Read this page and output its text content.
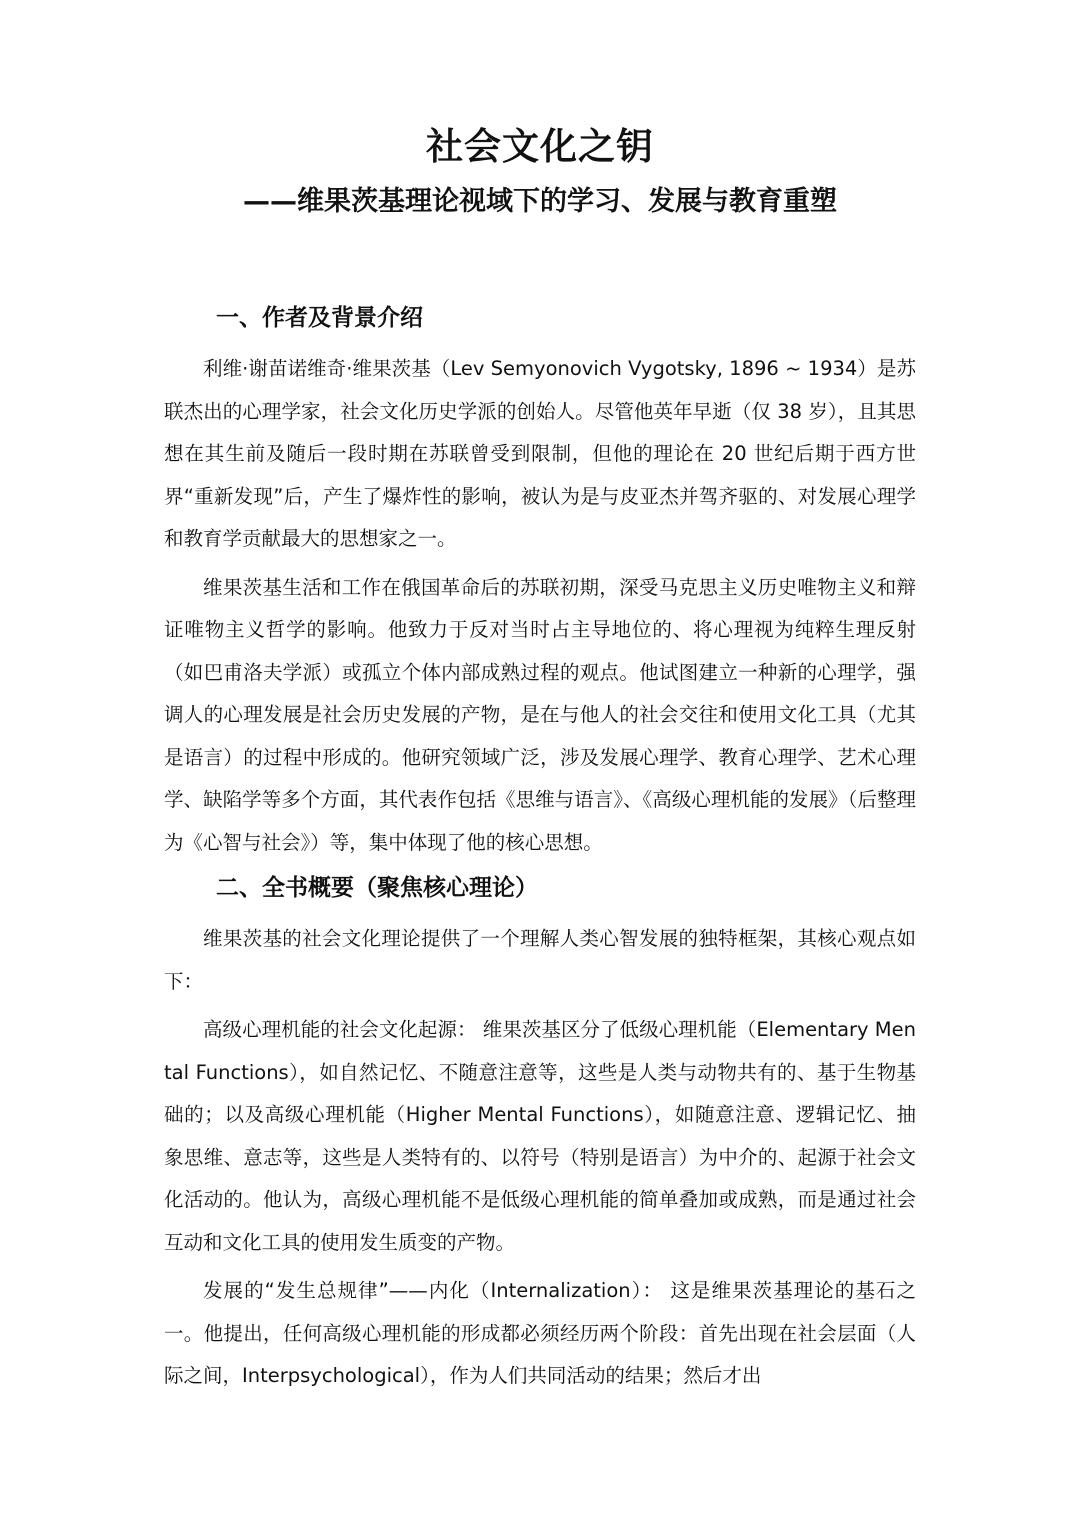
社会文化之钥
——维果茨基理论视域下的学习、发展与教育重塑
一、作者及背景介绍

利维·谢苗诺维奇·维果茨基（Lev Semyonovich Vygotsky, 1896 ~ 1934）是苏联杰出的心理学家，社会文化历史学派的创始人。尽管他英年早逝（仅 38 岁），且其思想在其生前及随后一段时期在苏联曾受到限制，但他的理论在 20 世纪后期于西方世界“重新发现”后，产生了爆炸性的影响，被认为是与皮亚杰并驾齐驱的、对发展心理学和教育学贡献最大的思想家之一。

维果茨基生活和工作在俄国革命后的苏联初期，深受马克思主义历史唯物主义和辩证唯物主义哲学的影响。他致力于反对当时占主导地位的、将心理视为纯粹生理反射（如巴甫洛夫学派）或孤立个体内部成熟过程的观点。他试图建立一种新的心理学，强调人的心理发展是社会历史发展的产物，是在与他人的社会交往和使用文化工具（尤其是语言）的过程中形成的。他研究领域广泛，涉及发展心理学、教育心理学、艺术心理学、缺陷学等多个方面，其代表作包括《思维与语言》、《高级心理机能的发展》（后整理为《心智与社会》）等，集中体现了他的核心思想。

二、全书概要（聚焦核心理论）

维果茨基的社会文化理论提供了一个理解人类心智发展的独特框架，其核心观点如下：

高级心理机能的社会文化起源： 维果茨基区分了低级心理机能（Elementary Mental Functions），如自然记忆、不随意注意等，这些是人类与动物共有的、基于生物基础的；以及高级心理机能（Higher Mental Functions），如随意注意、逻辑记忆、抽象思维、意志等，这些是人类特有的、以符号（特别是语言）为中介的、起源于社会文化活动的。他认为，高级心理机能不是低级心理机能的简单叠加或成熟，而是通过社会互动和文化工具的使用发生质变的产物。

发展的“发生总规律”——内化（Internalization）： 这是维果茨基理论的基石之一。他提出，任何高级心理机能的形成都必须经历两个阶段：首先出现在社会层面（人际之间，Interpsychological），作为人们共同活动的结果；然后才出
